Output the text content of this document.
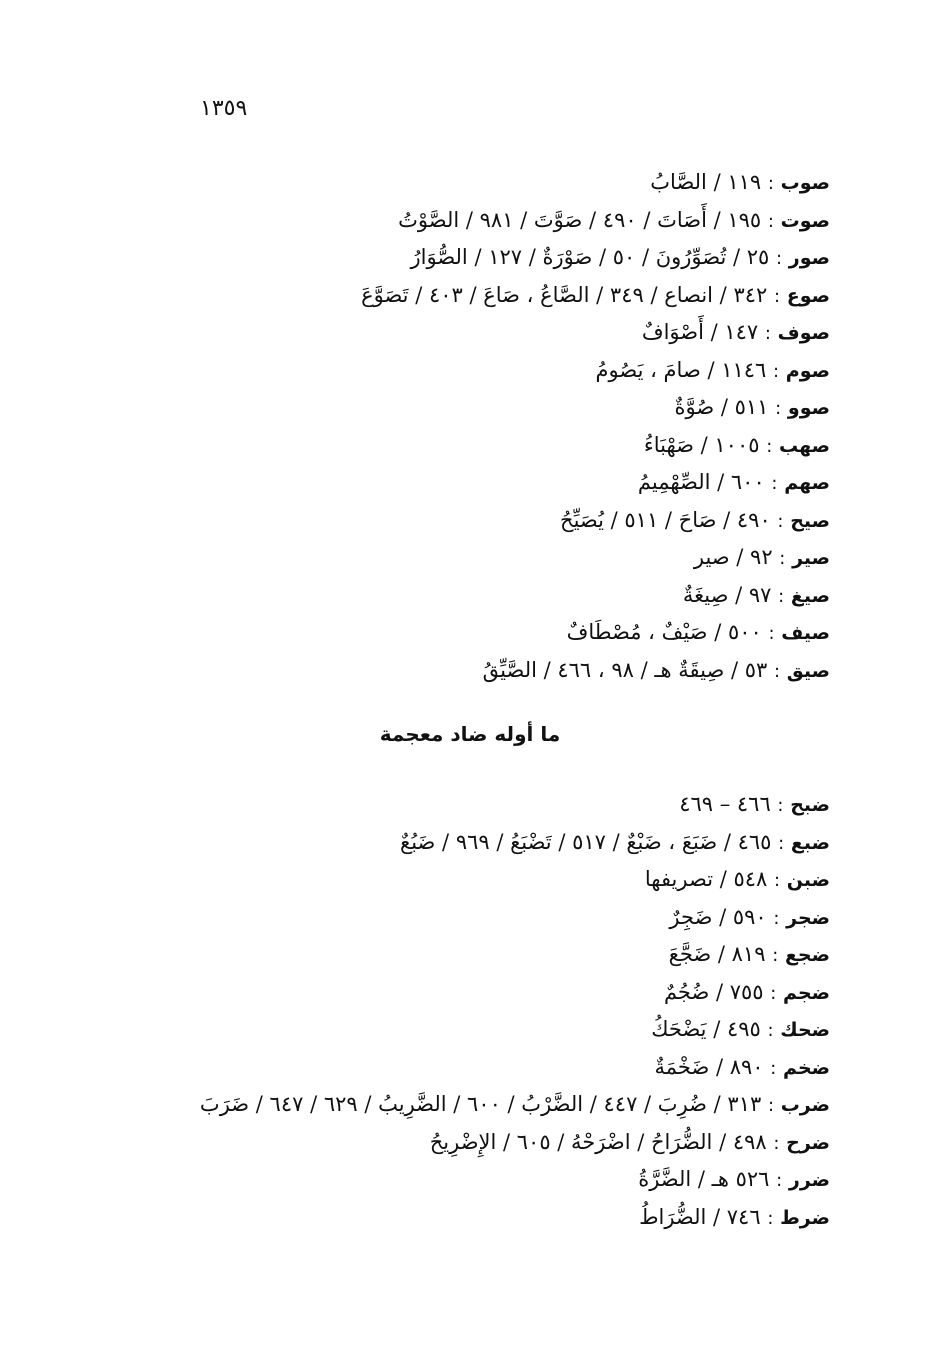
١٣٥٩
صوب : ١١٩ / الصَّابُ
صوت : ١٩٥ / أَصَاتَ / ٤٩٠ / صَوَّتَ / ٩٨١ / الصَّوْتُ
صور : ٢٥ / تُصَوِّرُونَ / ٥٠ / صَوْرَةٌ / ١٢٧ / الصُّوَارُ
صوع : ٣٤٢ / انصاع / ٣٤٩ / الصَّاعُ ، صَاعَ / ٤٠٣ / تَصَوَّعَ
صوف : ١٤٧ / أَصْوَافٌ
صوم : ١١٤٦ / صامَ ، يَصُومُ
صوو : ٥١١ / صُوَّةٌ
صهب : ١٠٠٥ / صَهْبَاءُ
صهم : ٦٠٠ / الصِّهْمِيمُ
صيح : ٤٩٠ / صَاحَ / ٥١١ / يُصَيِّحُ
صير : ٩٢ / صير
صيغ : ٩٧ / صِيغَةٌ
صيف : ٥٠٠ / صَيْفٌ ، مُصْطَافٌ
صيق : ٥٣ / صِيقَةٌ هـ / ٩٨ ، ٤٦٦ / الصَّيِّقُ
ما أوله ضاد معجمة
ضبح : ٤٦٦ – ٤٦٩
ضبع : ٤٦٥ / ضَبَعَ ، ضَبْعٌ / ٥١٧ / تَضْبَعُ / ٩٦٩ / ضَبُعٌ
ضبن : ٥٤٨ / تصريفها
ضجر : ٥٩٠ / ضَجِرٌ
ضجع : ٨١٩ / ضَجَّعَ
ضجم : ٧٥٥ / ضُجُمٌ
ضحك : ٤٩٥ / يَضْحَكُ
ضخم : ٨٩٠ / ضَخْمَةٌ
ضرب : ٣١٣ / ضُرِبَ / ٤٤٧ / الضَّرْبُ / ٦٠٠ / الضَّرِيبُ / ٦٢٩ / ٦٤٧ / ضَرَبَ
ضرح : ٤٩٨ / الضُّرَاحُ / اضْرَحْهُ / ٦٠٥ / الإِضْرِيحُ
ضرر : ٥٢٦ هـ / الضَّرَّةُ
ضرط : ٧٤٦ / الضُّرَاطُ
